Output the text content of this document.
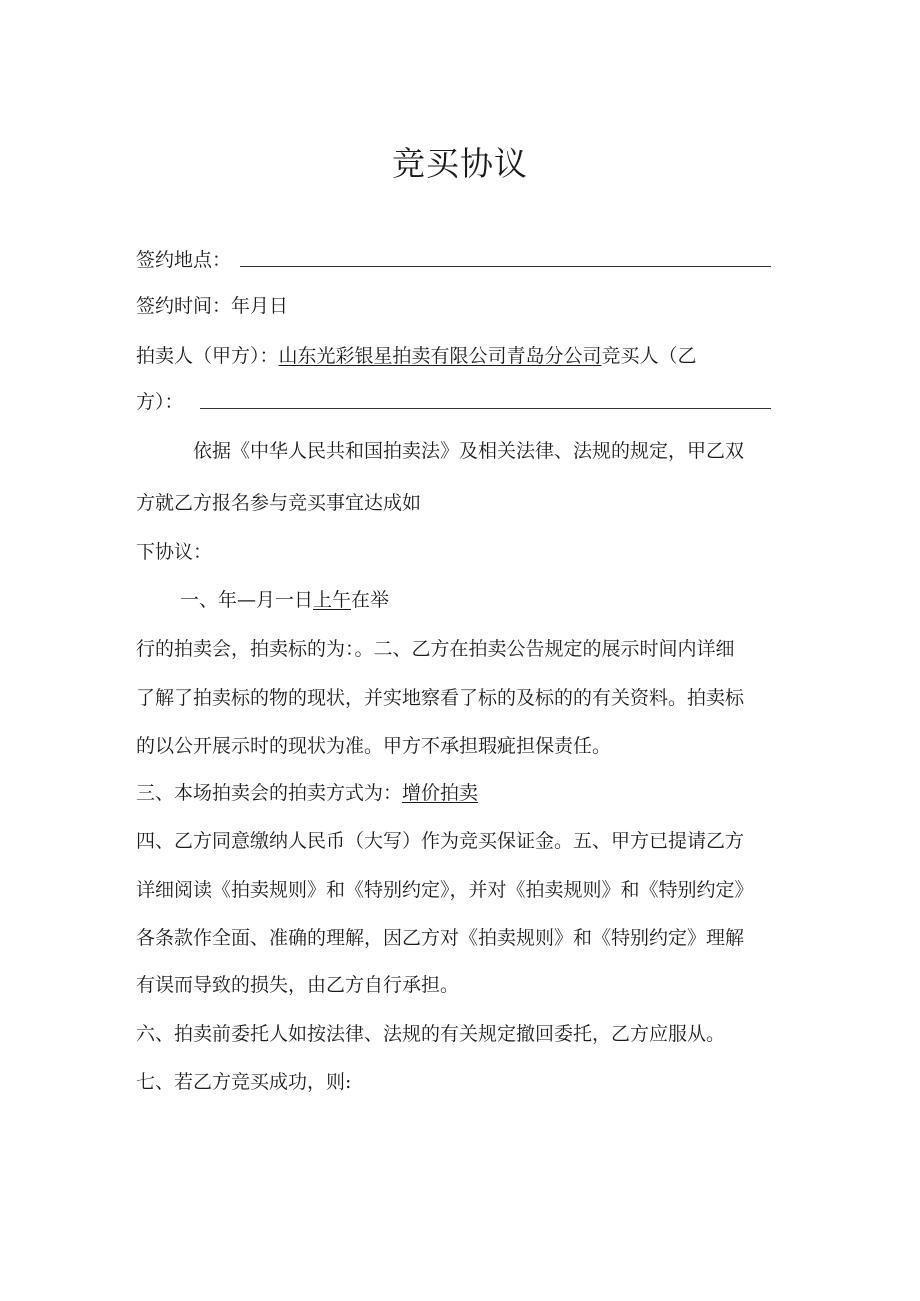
竞买协议
签约地点：
签约时间：年月日
拍卖人（甲方）：山东光彩银星拍卖有限公司青岛分公司竞买人（乙
方）：
依据《中华人民共和国拍卖法》及相关法律、法规的规定，甲乙双
方就乙方报名参与竞买事宜达成如
下协议：
一、年—月一日上午在举
行的拍卖会，拍卖标的为：。二、乙方在拍卖公告规定的展示时间内详细
了解了拍卖标的物的现状，并实地察看了标的及标的的有关资料。拍卖标
的以公开展示时的现状为准。甲方不承担瑕疵担保责任。
三、本场拍卖会的拍卖方式为：增价拍卖
四、乙方同意缴纳人民币（大写）作为竞买保证金。五、甲方已提请乙方
详细阅读《拍卖规则》和《特别约定》，并对《拍卖规则》和《特别约定》
各条款作全面、准确的理解，因乙方对《拍卖规则》和《特别约定》理解
有误而导致的损失，由乙方自行承担。
六、拍卖前委托人如按法律、法规的有关规定撤回委托，乙方应服从。
七、若乙方竞买成功，则:
